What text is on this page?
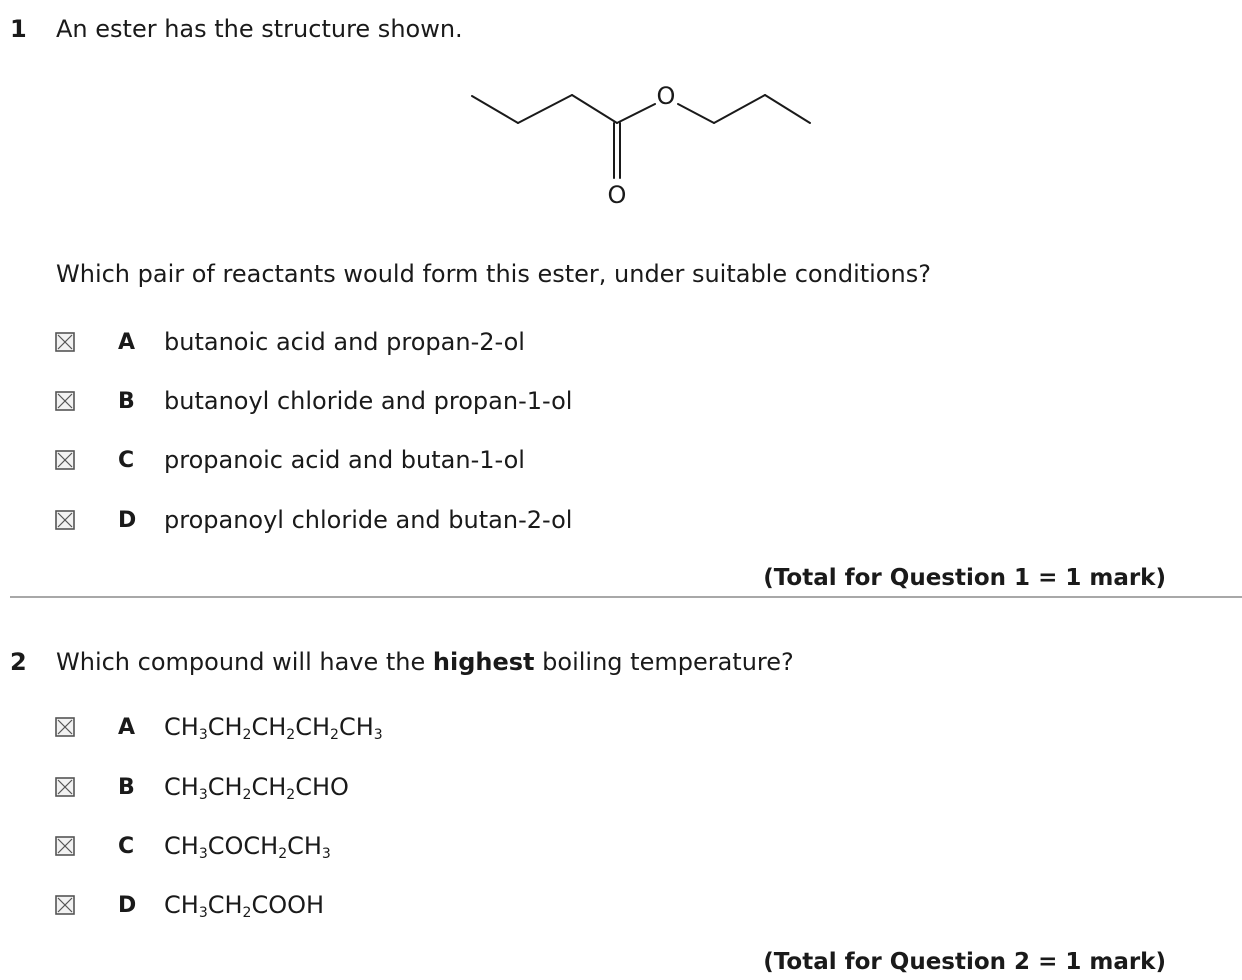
1 An ester has the structure shown.
O
O
Which pair of reactants would form this ester, under suitable conditions?
A	butanoic acid and propan-2-ol
B	butanoyl chloride and propan-1-ol
C	propanoic acid and butan-1-ol
D	propanoyl chloride and butan-2-ol
(Total for Question 1 = 1 mark)
2 Which compound will have the highest boiling temperature?
A	$CH_3CH_2CH_2CH_2CH_3$
B	$CH_3CH_2CH_2CHO$
C	$CH_3COCH_2CH_3$
D	$CH_3CH_2COOH$
(Total for Question 2 = 1 mark)
